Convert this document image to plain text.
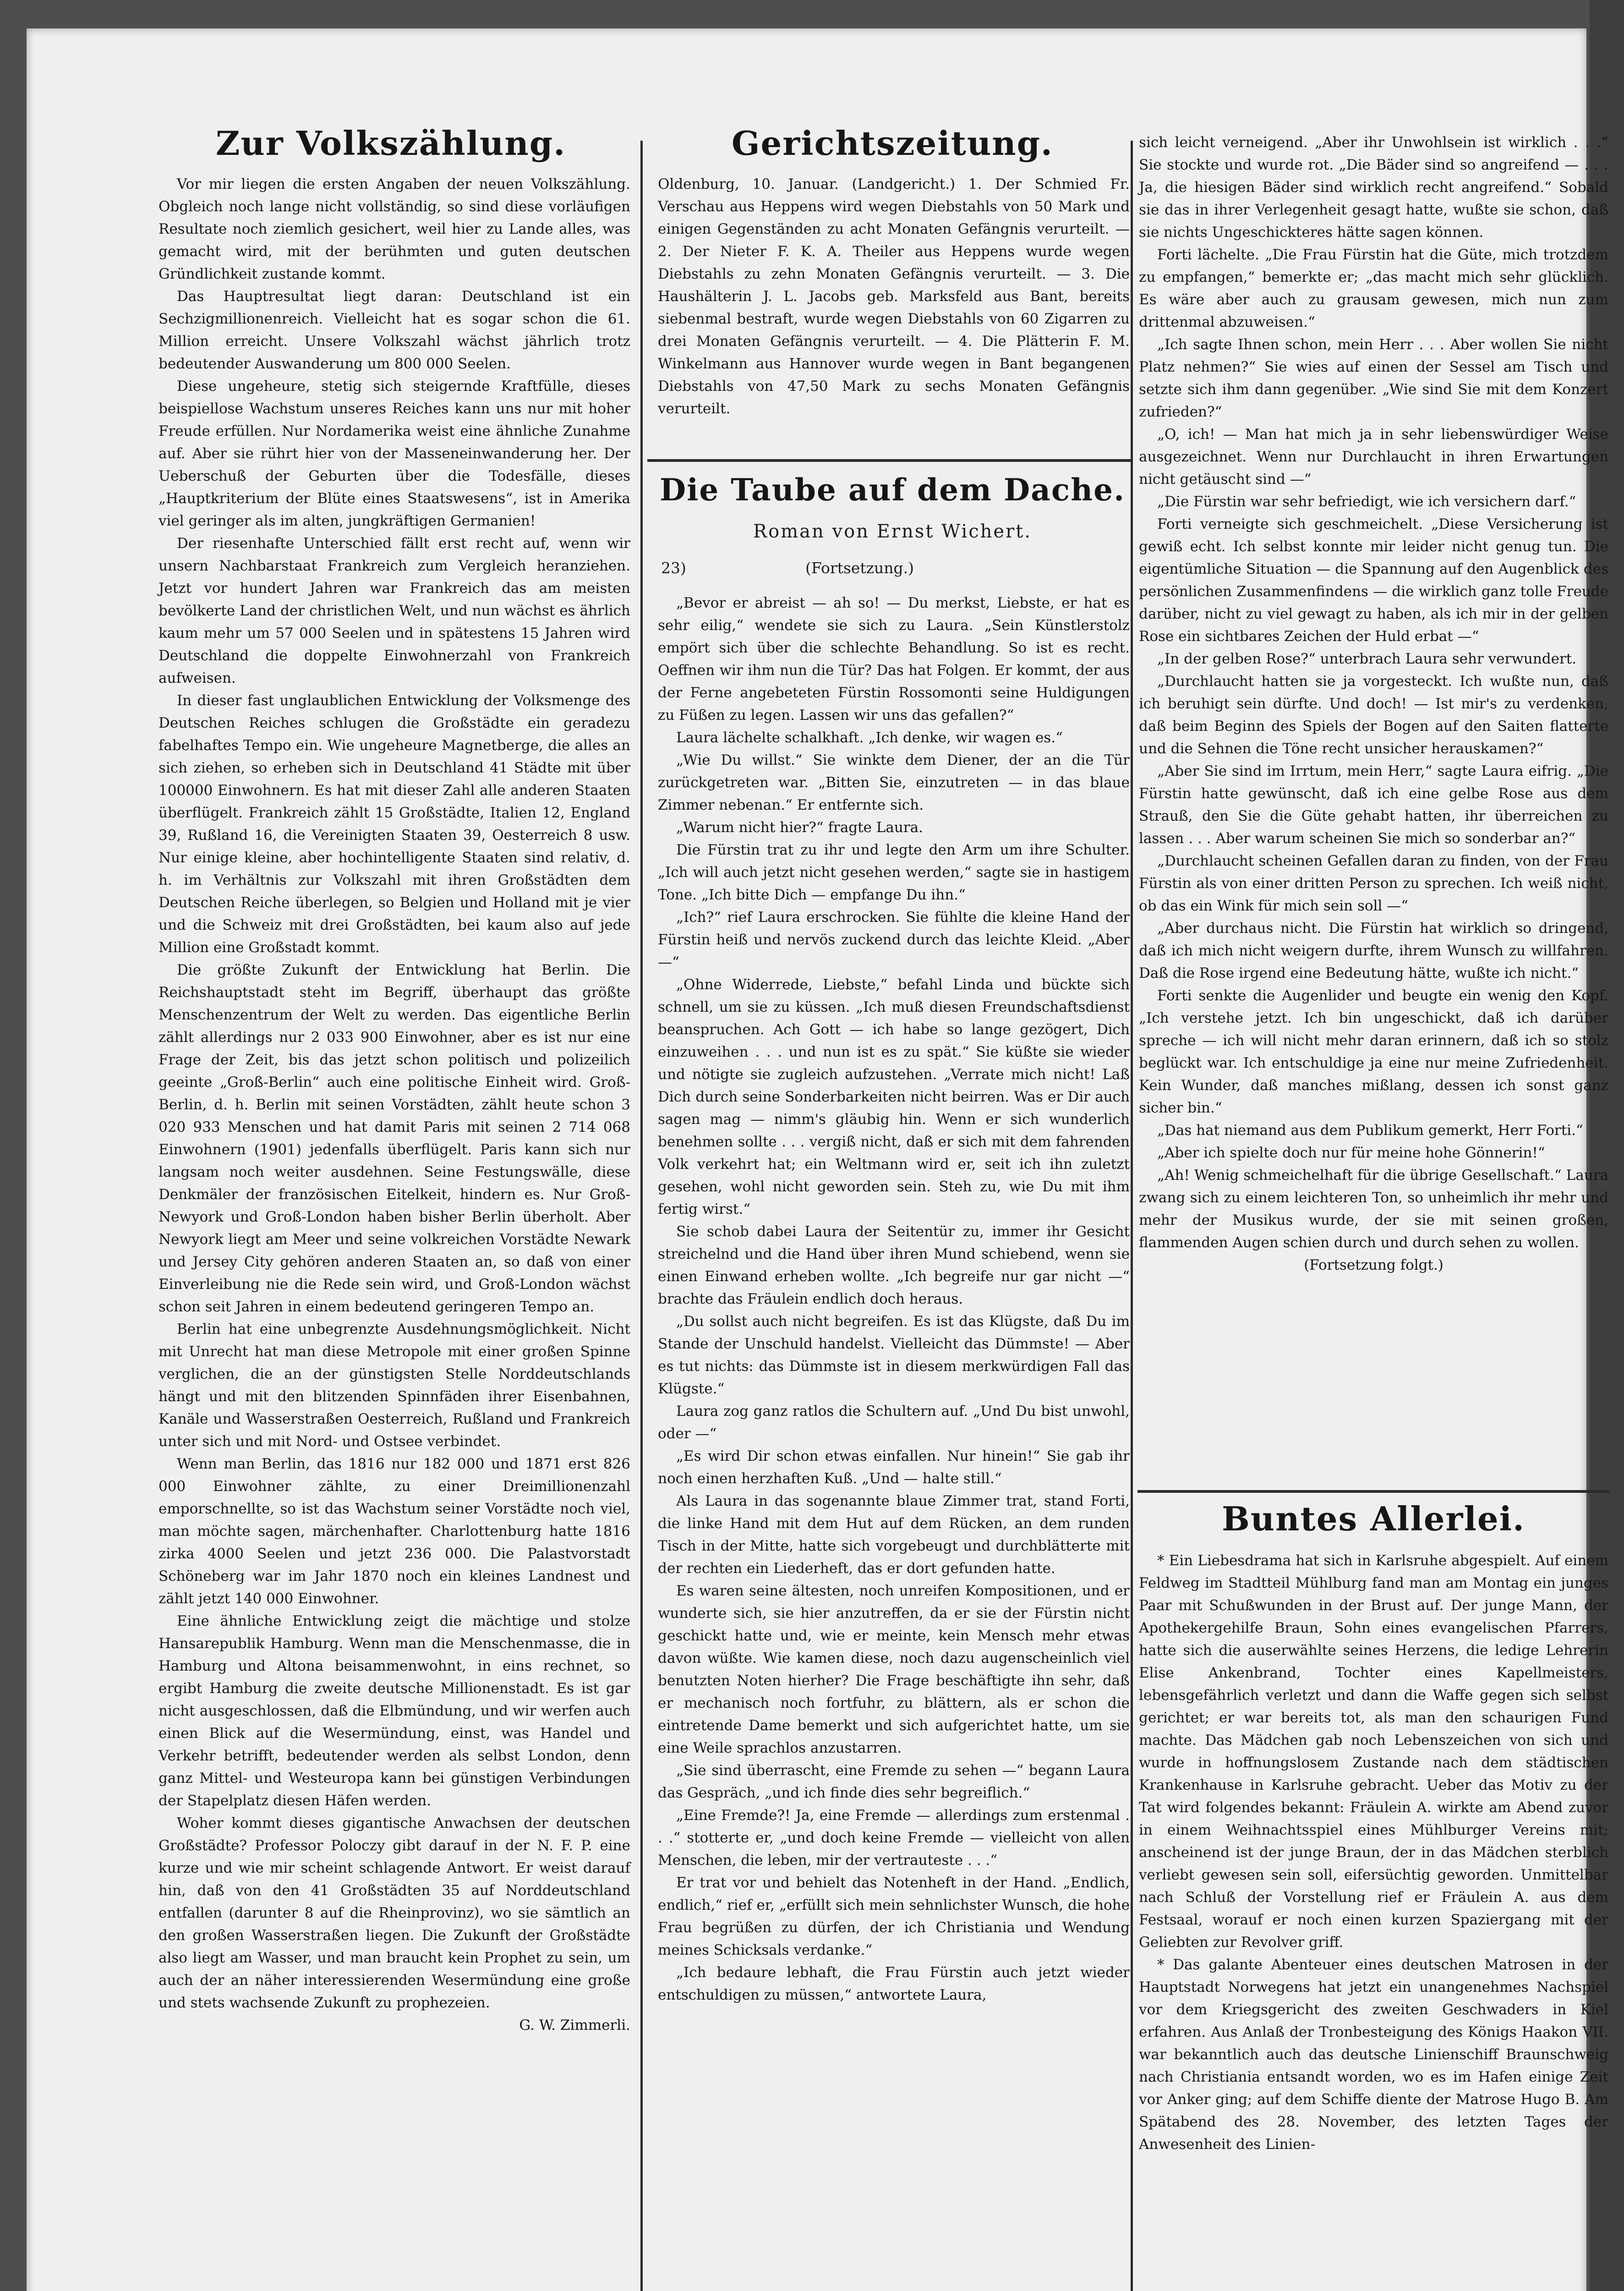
Zur Volkszählung.

Vor mir liegen die ersten Angaben der neuen Volkszählung. Obgleich noch lange nicht vollständig, so sind diese vorläufigen Resultate noch ziemlich gesichert, weil hier zu Lande alles, was gemacht wird, mit der berühmten und guten deutschen Gründlichkeit zustande kommt.

Das Hauptresultat liegt daran: Deutschland ist ein Sechzigmillionenreich. Vielleicht hat es sogar schon die 61. Million erreicht. Unsere Volkszahl wächst jährlich trotz bedeutender Auswanderung um 800 000 Seelen.

Diese ungeheure, stetig sich steigernde Kraftfülle, dieses beispiellose Wachstum unseres Reiches kann uns nur mit hoher Freude erfüllen. Nur Nordamerika weist eine ähnliche Zunahme auf. Aber sie rührt hier von der Masseneinwanderung her. Der Ueberschuß der Geburten über die Todesfälle, dieses „Hauptkriterium der Blüte eines Staatswesens“, ist in Amerika viel geringer als im alten, jungkräftigen Germanien!

Der riesenhafte Unterschied fällt erst recht auf, wenn wir unsern Nachbarstaat Frankreich zum Vergleich heranziehen. Jetzt vor hundert Jahren war Frankreich das am meisten bevölkerte Land der christlichen Welt, und nun wächst es ährlich kaum mehr um 57 000 Seelen und in spätestens 15 Jahren wird Deutschland die doppelte Einwohnerzahl von Frankreich aufweisen.

In dieser fast unglaublichen Entwicklung der Volksmenge des Deutschen Reiches schlugen die Großstädte ein geradezu fabelhaftes Tempo ein. Wie ungeheure Magnetberge, die alles an sich ziehen, so erheben sich in Deutschland 41 Städte mit über 100000 Einwohnern. Es hat mit dieser Zahl alle anderen Staaten überflügelt. Frankreich zählt 15 Großstädte, Italien 12, England 39, Rußland 16, die Vereinigten Staaten 39, Oesterreich 8 usw. Nur einige kleine, aber hochintelligente Staaten sind relativ, d. h. im Verhältnis zur Volkszahl mit ihren Großstädten dem Deutschen Reiche überlegen, so Belgien und Holland mit je vier und die Schweiz mit drei Großstädten, bei kaum also auf jede Million eine Großstadt kommt.

Die größte Zukunft der Entwicklung hat Berlin. Die Reichshauptstadt steht im Begriff, überhaupt das größte Menschenzentrum der Welt zu werden. Das eigentliche Berlin zählt allerdings nur 2 033 900 Einwohner, aber es ist nur eine Frage der Zeit, bis das jetzt schon politisch und polizeilich geeinte „Groß-Berlin“ auch eine politische Einheit wird. Groß-Berlin, d. h. Berlin mit seinen Vorstädten, zählt heute schon 3 020 933 Menschen und hat damit Paris mit seinen 2 714 068 Einwohnern (1901) jedenfalls überflügelt. Paris kann sich nur langsam noch weiter ausdehnen. Seine Festungswälle, diese Denkmäler der französischen Eitelkeit, hindern es. Nur Groß-Newyork und Groß-London haben bisher Berlin überholt. Aber Newyork liegt am Meer und seine volkreichen Vorstädte Newark und Jersey City gehören anderen Staaten an, so daß von einer Einverleibung nie die Rede sein wird, und Groß-London wächst schon seit Jahren in einem bedeutend geringeren Tempo an.

Berlin hat eine unbegrenzte Ausdehnungsmöglichkeit. Nicht mit Unrecht hat man diese Metropole mit einer großen Spinne verglichen, die an der günstigsten Stelle Norddeutschlands hängt und mit den blitzenden Spinnfäden ihrer Eisenbahnen, Kanäle und Wasserstraßen Oesterreich, Rußland und Frankreich unter sich und mit Nord- und Ostsee verbindet.

Wenn man Berlin, das 1816 nur 182 000 und 1871 erst 826 000 Einwohner zählte, zu einer Dreimillionenzahl emporschnellte, so ist das Wachstum seiner Vorstädte noch viel, man möchte sagen, märchenhafter. Charlottenburg hatte 1816 zirka 4000 Seelen und jetzt 236 000. Die Palastvorstadt Schöneberg war im Jahr 1870 noch ein kleines Landnest und zählt jetzt 140 000 Einwohner.

Eine ähnliche Entwicklung zeigt die mächtige und stolze Hansarepublik Hamburg. Wenn man die Menschenmasse, die in Hamburg und Altona beisammenwohnt, in eins rechnet, so ergibt Hamburg die zweite deutsche Millionenstadt. Es ist gar nicht ausgeschlossen, daß die Elbmündung, und wir werfen auch einen Blick auf die Wesermündung, einst, was Handel und Verkehr betrifft, bedeutender werden als selbst London, denn ganz Mittel- und Westeuropa kann bei günstigen Verbindungen der Stapelplatz diesen Häfen werden.

Woher kommt dieses gigantische Anwachsen der deutschen Großstädte? Professor Poloczy gibt darauf in der N. F. P. eine kurze und wie mir scheint schlagende Antwort. Er weist darauf hin, daß von den 41 Großstädten 35 auf Norddeutschland entfallen (darunter 8 auf die Rheinprovinz), wo sie sämtlich an den großen Wasserstraßen liegen. Die Zukunft der Großstädte also liegt am Wasser, und man braucht kein Prophet zu sein, um auch der an näher interessierenden Wesermündung eine große und stets wachsende Zukunft zu prophezeien.

G. W. Zimmerli.

Gerichtszeitung.

Oldenburg, 10. Januar. (Landgericht.) 1. Der Schmied Fr. Verschau aus Heppens wird wegen Diebstahls von 50 Mark und einigen Gegenständen zu acht Monaten Gefängnis verurteilt. — 2. Der Nieter F. K. A. Theiler aus Heppens wurde wegen Diebstahls zu zehn Monaten Gefängnis verurteilt. — 3. Die Haushälterin J. L. Jacobs geb. Marksfeld aus Bant, bereits siebenmal bestraft, wurde wegen Diebstahls von 60 Zigarren zu drei Monaten Gefängnis verurteilt. — 4. Die Plätterin F. M. Winkelmann aus Hannover wurde wegen in Bant begangenen Diebstahls von 47,50 Mark zu sechs Monaten Gefängnis verurteilt.

Die Taube auf dem Dache.
Roman von Ernst Wichert.
23)	(Fortsetzung.)

„Bevor er abreist — ah so! — Du merkst, Liebste, er hat es sehr eilig,“ wendete sie sich zu Laura. „Sein Künstlerstolz empört sich über die schlechte Behandlung. So ist es recht. Oeffnen wir ihm nun die Tür? Das hat Folgen. Er kommt, der aus der Ferne angebeteten Fürstin Rossomonti seine Huldigungen zu Füßen zu legen. Lassen wir uns das gefallen?“

Laura lächelte schalkhaft. „Ich denke, wir wagen es.“

„Wie Du willst.“ Sie winkte dem Diener, der an die Tür zurückgetreten war. „Bitten Sie, einzutreten — in das blaue Zimmer nebenan.“ Er entfernte sich.

„Warum nicht hier?“ fragte Laura.

Die Fürstin trat zu ihr und legte den Arm um ihre Schulter. „Ich will auch jetzt nicht gesehen werden,“ sagte sie in hastigem Tone. „Ich bitte Dich — empfange Du ihn.“

„Ich?“ rief Laura erschrocken. Sie fühlte die kleine Hand der Fürstin heiß und nervös zuckend durch das leichte Kleid. „Aber —“

„Ohne Widerrede, Liebste,“ befahl Linda und bückte sich schnell, um sie zu küssen. „Ich muß diesen Freundschaftsdienst beanspruchen. Ach Gott — ich habe so lange gezögert, Dich einzuweihen . . . und nun ist es zu spät.“ Sie küßte sie wieder und nötigte sie zugleich aufzustehen. „Verrate mich nicht! Laß Dich durch seine Sonderbarkeiten nicht beirren. Was er Dir auch sagen mag — nimm's gläubig hin. Wenn er sich wunderlich benehmen sollte . . . vergiß nicht, daß er sich mit dem fahrenden Volk verkehrt hat; ein Weltmann wird er, seit ich ihn zuletzt gesehen, wohl nicht geworden sein. Steh zu, wie Du mit ihm fertig wirst.“

Sie schob dabei Laura der Seitentür zu, immer ihr Gesicht streichelnd und die Hand über ihren Mund schiebend, wenn sie einen Einwand erheben wollte. „Ich begreife nur gar nicht —“ brachte das Fräulein endlich doch heraus.

„Du sollst auch nicht begreifen. Es ist das Klügste, daß Du im Stande der Unschuld handelst. Vielleicht das Dümmste! — Aber es tut nichts: das Dümmste ist in diesem merkwürdigen Fall das Klügste.“

Laura zog ganz ratlos die Schultern auf. „Und Du bist unwohl, oder —“

„Es wird Dir schon etwas einfallen. Nur hinein!“ Sie gab ihr noch einen herzhaften Kuß. „Und — halte still.“

Als Laura in das sogenannte blaue Zimmer trat, stand Forti, die linke Hand mit dem Hut auf dem Rücken, an dem runden Tisch in der Mitte, hatte sich vorgebeugt und durchblätterte mit der rechten ein Liederheft, das er dort gefunden hatte.

Es waren seine ältesten, noch unreifen Kompositionen, und er wunderte sich, sie hier anzutreffen, da er sie der Fürstin nicht geschickt hatte und, wie er meinte, kein Mensch mehr etwas davon wüßte. Wie kamen diese, noch dazu augenscheinlich viel benutzten Noten hierher? Die Frage beschäftigte ihn sehr, daß er mechanisch noch fortfuhr, zu blättern, als er schon die eintretende Dame bemerkt und sich aufgerichtet hatte, um sie eine Weile sprachlos anzustarren.

„Sie sind überrascht, eine Fremde zu sehen —“ begann Laura das Gespräch, „und ich finde dies sehr begreiflich.“

„Eine Fremde?! Ja, eine Fremde — allerdings zum erstenmal . . .“ stotterte er, „und doch keine Fremde — vielleicht von allen Menschen, die leben, mir der vertrauteste . . .“

Er trat vor und behielt das Notenheft in der Hand. „Endlich, endlich,“ rief er, „erfüllt sich mein sehnlichster Wunsch, die hohe Frau begrüßen zu dürfen, der ich Christiania und Wendung meines Schicksals verdanke.“

„Ich bedaure lebhaft, die Frau Fürstin auch jetzt wieder entschuldigen zu müssen,“ antwortete Laura,

sich leicht verneigend. „Aber ihr Unwohlsein ist wirklich . . .“ Sie stockte und wurde rot. „Die Bäder sind so angreifend — . . . Ja, die hiesigen Bäder sind wirklich recht angreifend.“ Sobald sie das in ihrer Verlegenheit gesagt hatte, wußte sie schon, daß sie nichts Ungeschickteres hätte sagen können.

Forti lächelte. „Die Frau Fürstin hat die Güte, mich trotzdem zu empfangen,“ bemerkte er; „das macht mich sehr glücklich. Es wäre aber auch zu grausam gewesen, mich nun zum drittenmal abzuweisen.“

„Ich sagte Ihnen schon, mein Herr . . . Aber wollen Sie nicht Platz nehmen?“ Sie wies auf einen der Sessel am Tisch und setzte sich ihm dann gegenüber. „Wie sind Sie mit dem Konzert zufrieden?“

„O, ich! — Man hat mich ja in sehr liebenswürdiger Weise ausgezeichnet. Wenn nur Durchlaucht in ihren Erwartungen nicht getäuscht sind —“

„Die Fürstin war sehr befriedigt, wie ich versichern darf.“

Forti verneigte sich geschmeichelt. „Diese Versicherung ist gewiß echt. Ich selbst konnte mir leider nicht genug tun. Die eigentümliche Situation — die Spannung auf den Augenblick des persönlichen Zusammenfindens — die wirklich ganz tolle Freude darüber, nicht zu viel gewagt zu haben, als ich mir in der gelben Rose ein sichtbares Zeichen der Huld erbat —“

„In der gelben Rose?“ unterbrach Laura sehr verwundert.

„Durchlaucht hatten sie ja vorgesteckt. Ich wußte nun, daß ich beruhigt sein dürfte. Und doch! — Ist mir's zu verdenken, daß beim Beginn des Spiels der Bogen auf den Saiten flatterte und die Sehnen die Töne recht unsicher herauskamen?“

„Aber Sie sind im Irrtum, mein Herr,“ sagte Laura eifrig. „Die Fürstin hatte gewünscht, daß ich eine gelbe Rose aus dem Strauß, den Sie die Güte gehabt hatten, ihr überreichen zu lassen . . . Aber warum scheinen Sie mich so sonderbar an?“

„Durchlaucht scheinen Gefallen daran zu finden, von der Frau Fürstin als von einer dritten Person zu sprechen. Ich weiß nicht, ob das ein Wink für mich sein soll —“

„Aber durchaus nicht. Die Fürstin hat wirklich so dringend, daß ich mich nicht weigern durfte, ihrem Wunsch zu willfahren. Daß die Rose irgend eine Bedeutung hätte, wußte ich nicht.“

Forti senkte die Augenlider und beugte ein wenig den Kopf. „Ich verstehe jetzt. Ich bin ungeschickt, daß ich darüber spreche — ich will nicht mehr daran erinnern, daß ich so stolz beglückt war. Ich entschuldige ja eine nur meine Zufriedenheit. Kein Wunder, daß manches mißlang, dessen ich sonst ganz sicher bin.“

„Das hat niemand aus dem Publikum gemerkt, Herr Forti.“

„Aber ich spielte doch nur für meine hohe Gönnerin!“

„Ah! Wenig schmeichelhaft für die übrige Gesellschaft.“ Laura zwang sich zu einem leichteren Ton, so unheimlich ihr mehr und mehr der Musikus wurde, der sie mit seinen großen, flammenden Augen schien durch und durch sehen zu wollen.

(Fortsetzung folgt.)

Buntes Allerlei.

* Ein Liebesdrama hat sich in Karlsruhe abgespielt. Auf einem Feldweg im Stadtteil Mühlburg fand man am Montag ein junges Paar mit Schußwunden in der Brust auf. Der junge Mann, der Apothekergehilfe Braun, Sohn eines evangelischen Pfarrers, hatte sich die auserwählte seines Herzens, die ledige Lehrerin Elise Ankenbrand, Tochter eines Kapellmeisters, lebensgefährlich verletzt und dann die Waffe gegen sich selbst gerichtet; er war bereits tot, als man den schaurigen Fund machte. Das Mädchen gab noch Lebenszeichen von sich und wurde in hoffnungslosem Zustande nach dem städtischen Krankenhause in Karlsruhe gebracht. Ueber das Motiv zu der Tat wird folgendes bekannt: Fräulein A. wirkte am Abend zuvor in einem Weihnachtsspiel eines Mühlburger Vereins mit; anscheinend ist der junge Braun, der in das Mädchen sterblich verliebt gewesen sein soll, eifersüchtig geworden. Unmittelbar nach Schluß der Vorstellung rief er Fräulein A. aus dem Festsaal, worauf er noch einen kurzen Spaziergang mit der Geliebten zur Revolver griff.

* Das galante Abenteuer eines deutschen Matrosen in der Hauptstadt Norwegens hat jetzt ein unangenehmes Nachspiel vor dem Kriegsgericht des zweiten Geschwaders in Kiel erfahren. Aus Anlaß der Tronbesteigung des Königs Haakon VII. war bekanntlich auch das deutsche Linienschiff Braunschweig nach Christiania entsandt worden, wo es im Hafen einige Zeit vor Anker ging; auf dem Schiffe diente der Matrose Hugo B. Am Spätabend des 28. November, des letzten Tages der Anwesenheit des Linien-
